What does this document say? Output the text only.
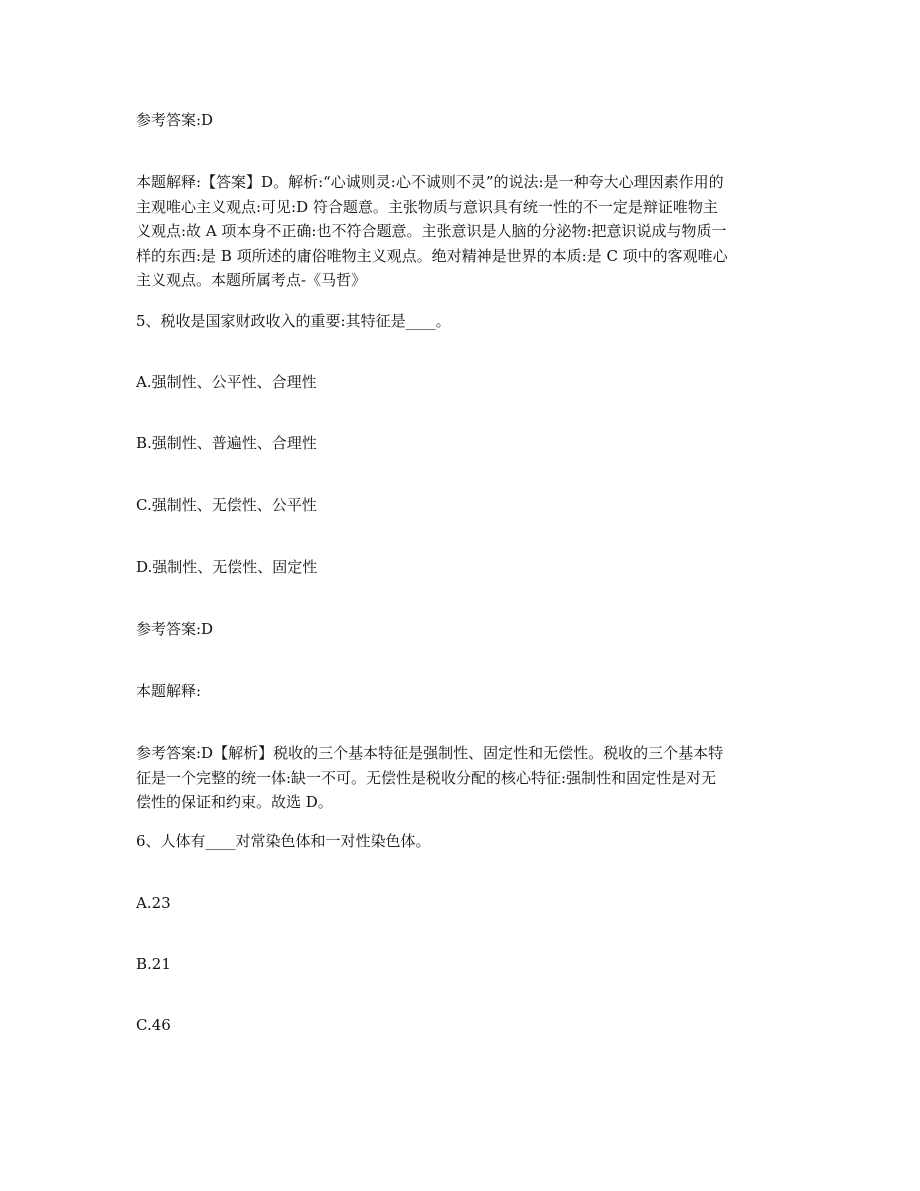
参考答案:D
本题解释:【答案】D。解析:“心诚则灵:心不诚则不灵”的说法:是一种夸大心理因素作用的
主观唯心主义观点:可见:D 符合题意。主张物质与意识具有统一性的不一定是辩证唯物主
义观点:故 A 项本身不正确:也不符合题意。主张意识是人脑的分泌物:把意识说成与物质一
样的东西:是 B 项所述的庸俗唯物主义观点。绝对精神是世界的本质:是 C 项中的客观唯心
主义观点。本题所属考点-《马哲》
5、税收是国家财政收入的重要:其特征是____。
A.强制性、公平性、合理性
B.强制性、普遍性、合理性
C.强制性、无偿性、公平性
D.强制性、无偿性、固定性
参考答案:D
本题解释:
参考答案:D【解析】税收的三个基本特征是强制性、固定性和无偿性。税收的三个基本特
征是一个完整的统一体:缺一不可。无偿性是税收分配的核心特征:强制性和固定性是对无
偿性的保证和约束。故选 D。
6、人体有____对常染色体和一对性染色体。
A.23
B.21
C.46
